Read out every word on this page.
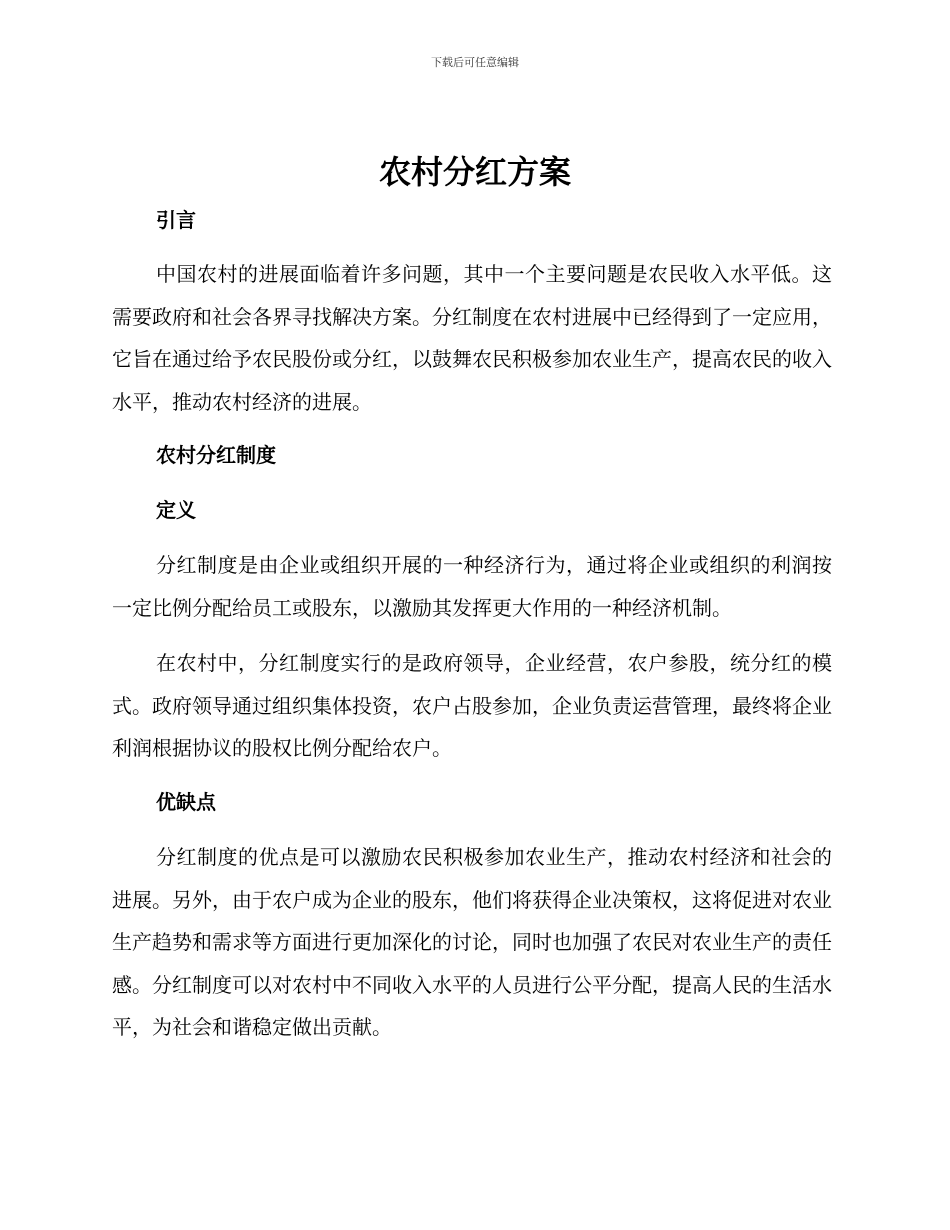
下载后可任意编辑
农村分红方案
引言

中国农村的进展面临着许多问题，其中一个主要问题是农民收入水平低。这需要政府和社会各界寻找解决方案。分红制度在农村进展中已经得到了一定应用，它旨在通过给予农民股份或分红，以鼓舞农民积极参加农业生产，提高农民的收入水平，推动农村经济的进展。

农村分红制度
定义

分红制度是由企业或组织开展的一种经济行为，通过将企业或组织的利润按一定比例分配给员工或股东，以激励其发挥更大作用的一种经济机制。

在农村中，分红制度实行的是政府领导，企业经营，农户参股，统分红的模式。政府领导通过组织集体投资，农户占股参加，企业负责运营管理，最终将企业利润根据协议的股权比例分配给农户。

优缺点

分红制度的优点是可以激励农民积极参加农业生产，推动农村经济和社会的进展。另外，由于农户成为企业的股东，他们将获得企业决策权，这将促进对农业生产趋势和需求等方面进行更加深化的讨论，同时也加强了农民对农业生产的责任感。分红制度可以对农村中不同收入水平的人员进行公平分配，提高人民的生活水平，为社会和谐稳定做出贡献。
